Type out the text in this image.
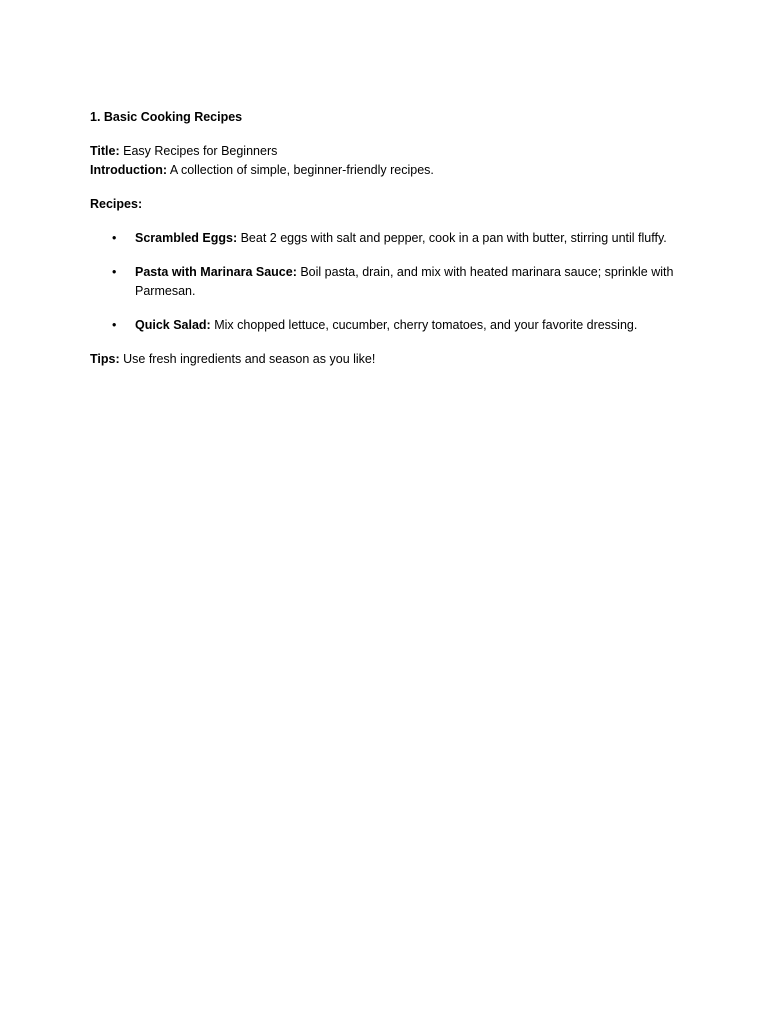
1. Basic Cooking Recipes

Title: Easy Recipes for Beginners

Introduction: A collection of simple, beginner-friendly recipes.

Recipes:

• Scrambled Eggs: Beat 2 eggs with salt and pepper, cook in a pan with butter, stirring until fluffy.
• Pasta with Marinara Sauce: Boil pasta, drain, and mix with heated marinara sauce; sprinkle with Parmesan.
• Quick Salad: Mix chopped lettuce, cucumber, cherry tomatoes, and your favorite dressing.

Tips: Use fresh ingredients and season as you like!
